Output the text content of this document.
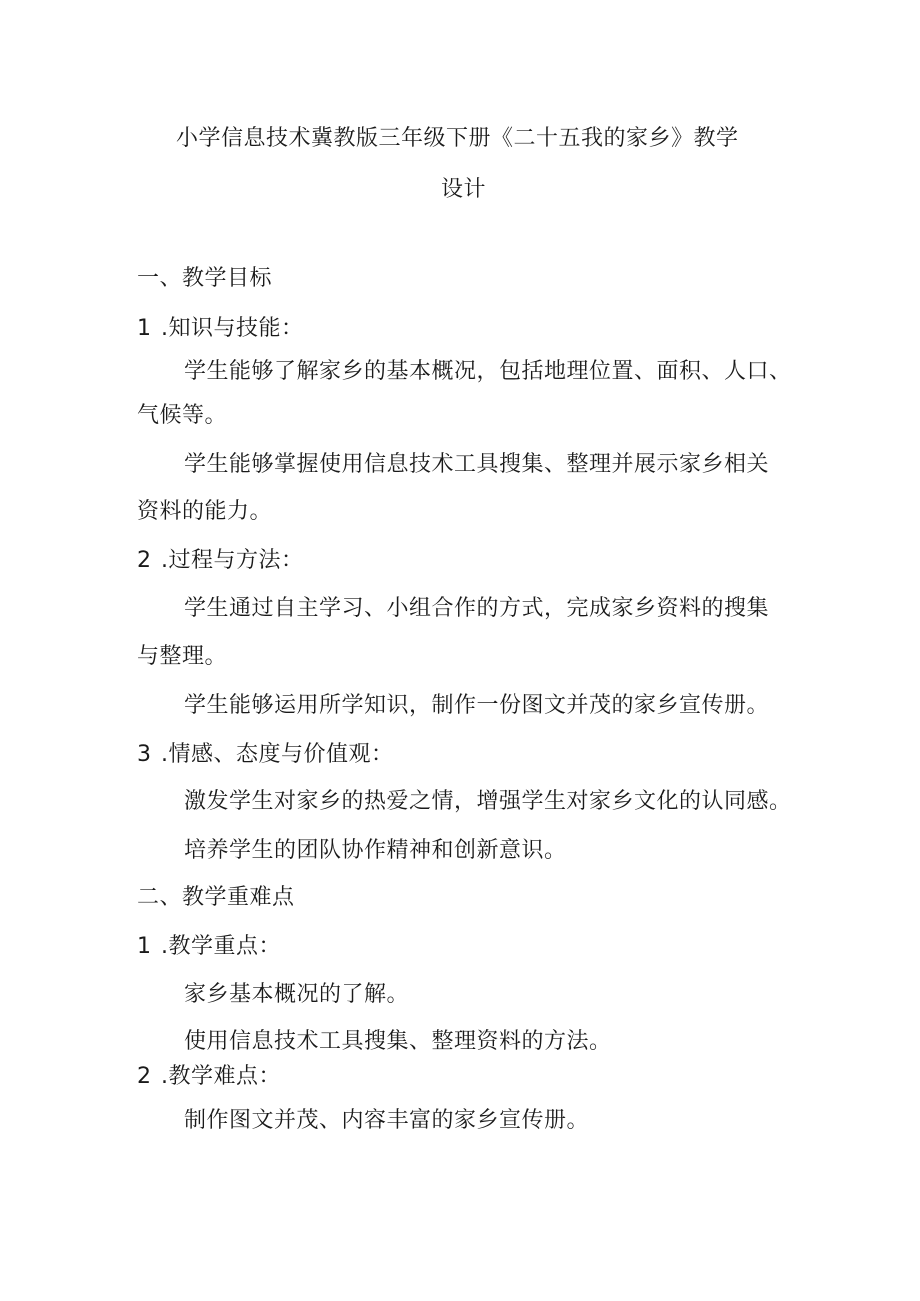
小学信息技术冀教版三年级下册《二十五我的家乡》教学
设计
一、教学目标
1 .知识与技能：
学生能够了解家乡的基本概况，包括地理位置、面积、人口、
气候等。
学生能够掌握使用信息技术工具搜集、整理并展示家乡相关
资料的能力。
2 .过程与方法：
学生通过自主学习、小组合作的方式，完成家乡资料的搜集
与整理。
学生能够运用所学知识，制作一份图文并茂的家乡宣传册。
3 .情感、态度与价值观：
激发学生对家乡的热爱之情，增强学生对家乡文化的认同感。
培养学生的团队协作精神和创新意识。
二、教学重难点
1 .教学重点：
家乡基本概况的了解。
使用信息技术工具搜集、整理资料的方法。
2 .教学难点：
制作图文并茂、内容丰富的家乡宣传册。
